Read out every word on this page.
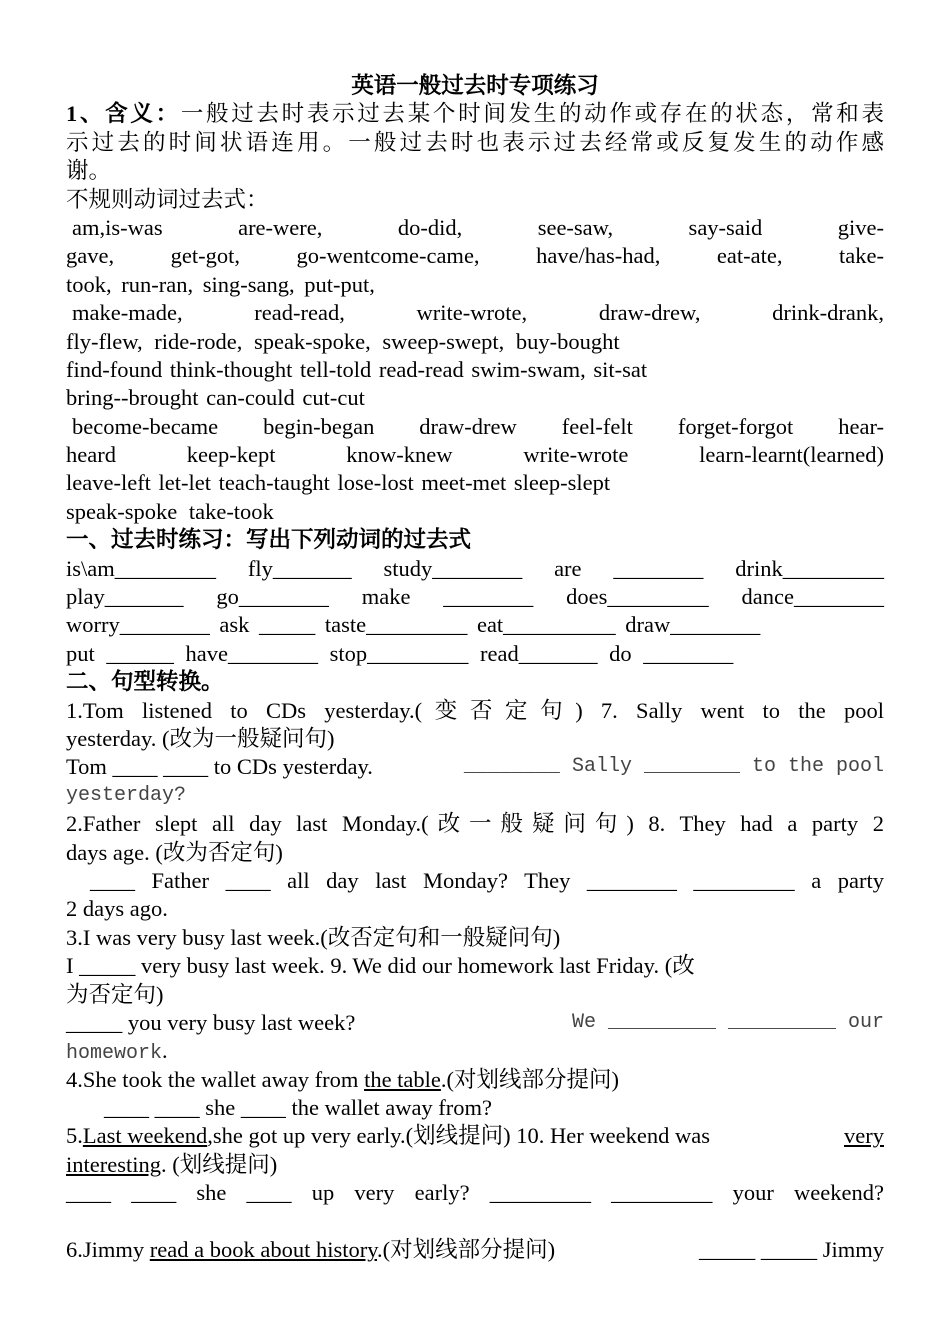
英语一般过去时专项练习
1、含义：一般过去时表示过去某个时间发生的动作或存在的状态，常和表
示过去的时间状语连用。一般过去时也表示过去经常或反复发生的动作感
谢。
不规则动词过去式：
am,is-was are-were, do-did, see-saw, say-said give-
gave, get-got, go-wentcome-came, have/has-had, eat-ate, take-
took, run-ran, sing-sang, put-put,
make-made, read-read, write-wrote, draw-drew, drink-drank,
fly-flew, ride-rode, speak-spoke, sweep-swept, buy-bought
find-found think-thought tell-told read-read swim-swam, sit-sat
bring--brought can-could cut-cut
become-became begin-began draw-drew feel-felt forget-forgot hear-
heard keep-kept know-knew write-wrote learn-learnt(learned)
leave-left let-let teach-taught lose-lost meet-met sleep-slept
speak-spoke take-took
一、过去时练习：写出下列动词的过去式
is\am_________ fly_______ study________ are ________ drink_________
play_______ go________ make ________ does_________ dance________
worry________ ask _____ taste_________ eat__________ draw________
put ______ have________ stop_________ read_______ do ________
二、句型转换。
1.Tom listened to CDs yesterday.(变否定句) 7. Sally went to the pool
yesterday. (改为一般疑问句)
Tom ____ ____ to CDs yesterday.	________ Sally ________ to the pool
yesterday?
2.Father slept all day last Monday.(改一般疑问句) 8. They had a party 2
days age. (改为否定句)
____ Father ____ all day last Monday? They ________ _________ a party
2 days ago.
3.I was very busy last week.(改否定句和一般疑问句)
I _____ very busy last week. 9. We did our homework last Friday. (改
为否定句)
_____ you very busy last week?	We _________ _________ our
homework.
4.She took the wallet away from the table.(对划线部分提问)
____ ____ she ____ the wallet away from?
5.Last weekend,she got up very early.(划线提问) 10. Her weekend was	very
interesting. (划线提问)
____ ____ she ____ up very early? _________ _________ your weekend?
6.Jimmy read a book about history.(对划线部分提问)	_____ _____ Jimmy
